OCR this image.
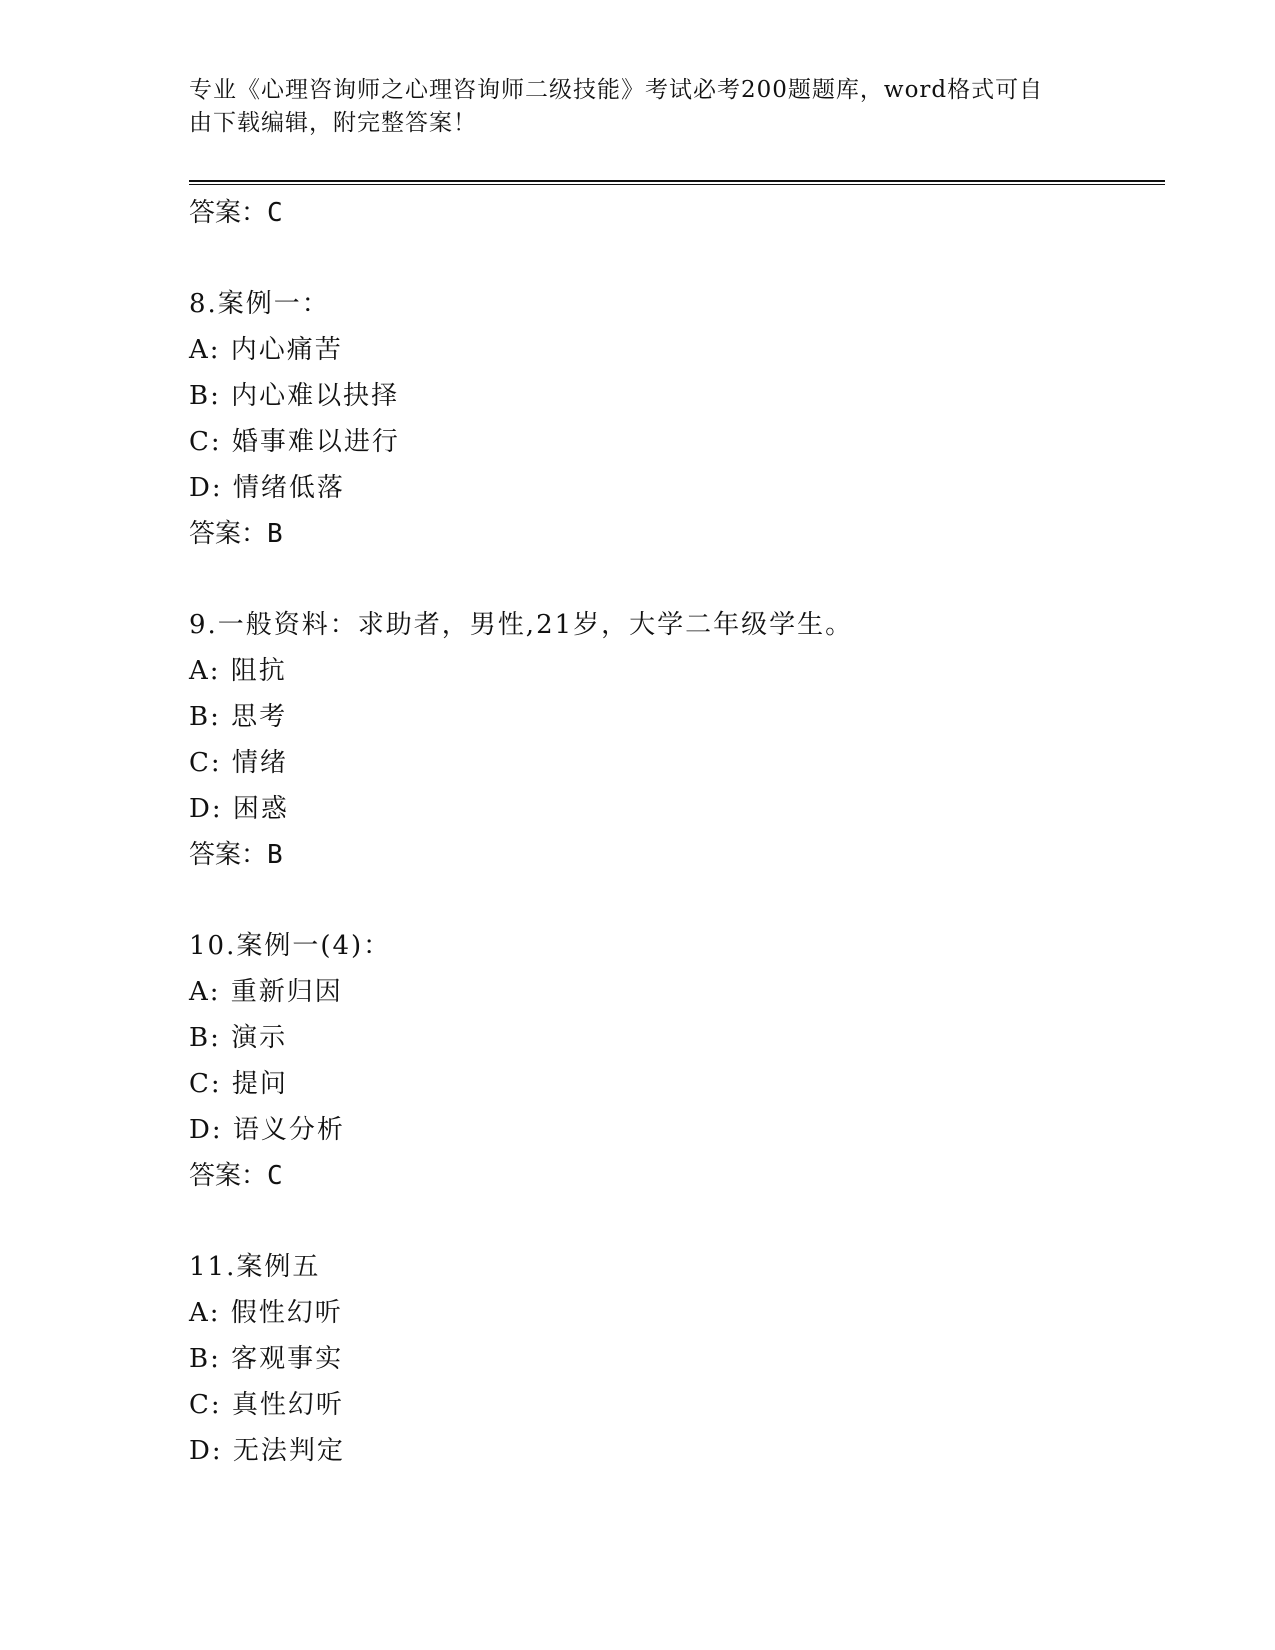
专业《心理咨询师之心理咨询师二级技能》考试必考200题题库，word格式可自
由下载编辑，附完整答案！
答案：C
8.案例一：
A: 内心痛苦
B: 内心难以抉择
C: 婚事难以进行
D: 情绪低落
答案：B
9.一般资料：求助者，男性,21岁，大学二年级学生。
A: 阻抗
B: 思考
C: 情绪
D: 困惑
答案：B
10.案例一(4)：
A: 重新归因
B: 演示
C: 提问
D: 语义分析
答案：C
11.案例五
A: 假性幻听
B: 客观事实
C: 真性幻听
D: 无法判定
